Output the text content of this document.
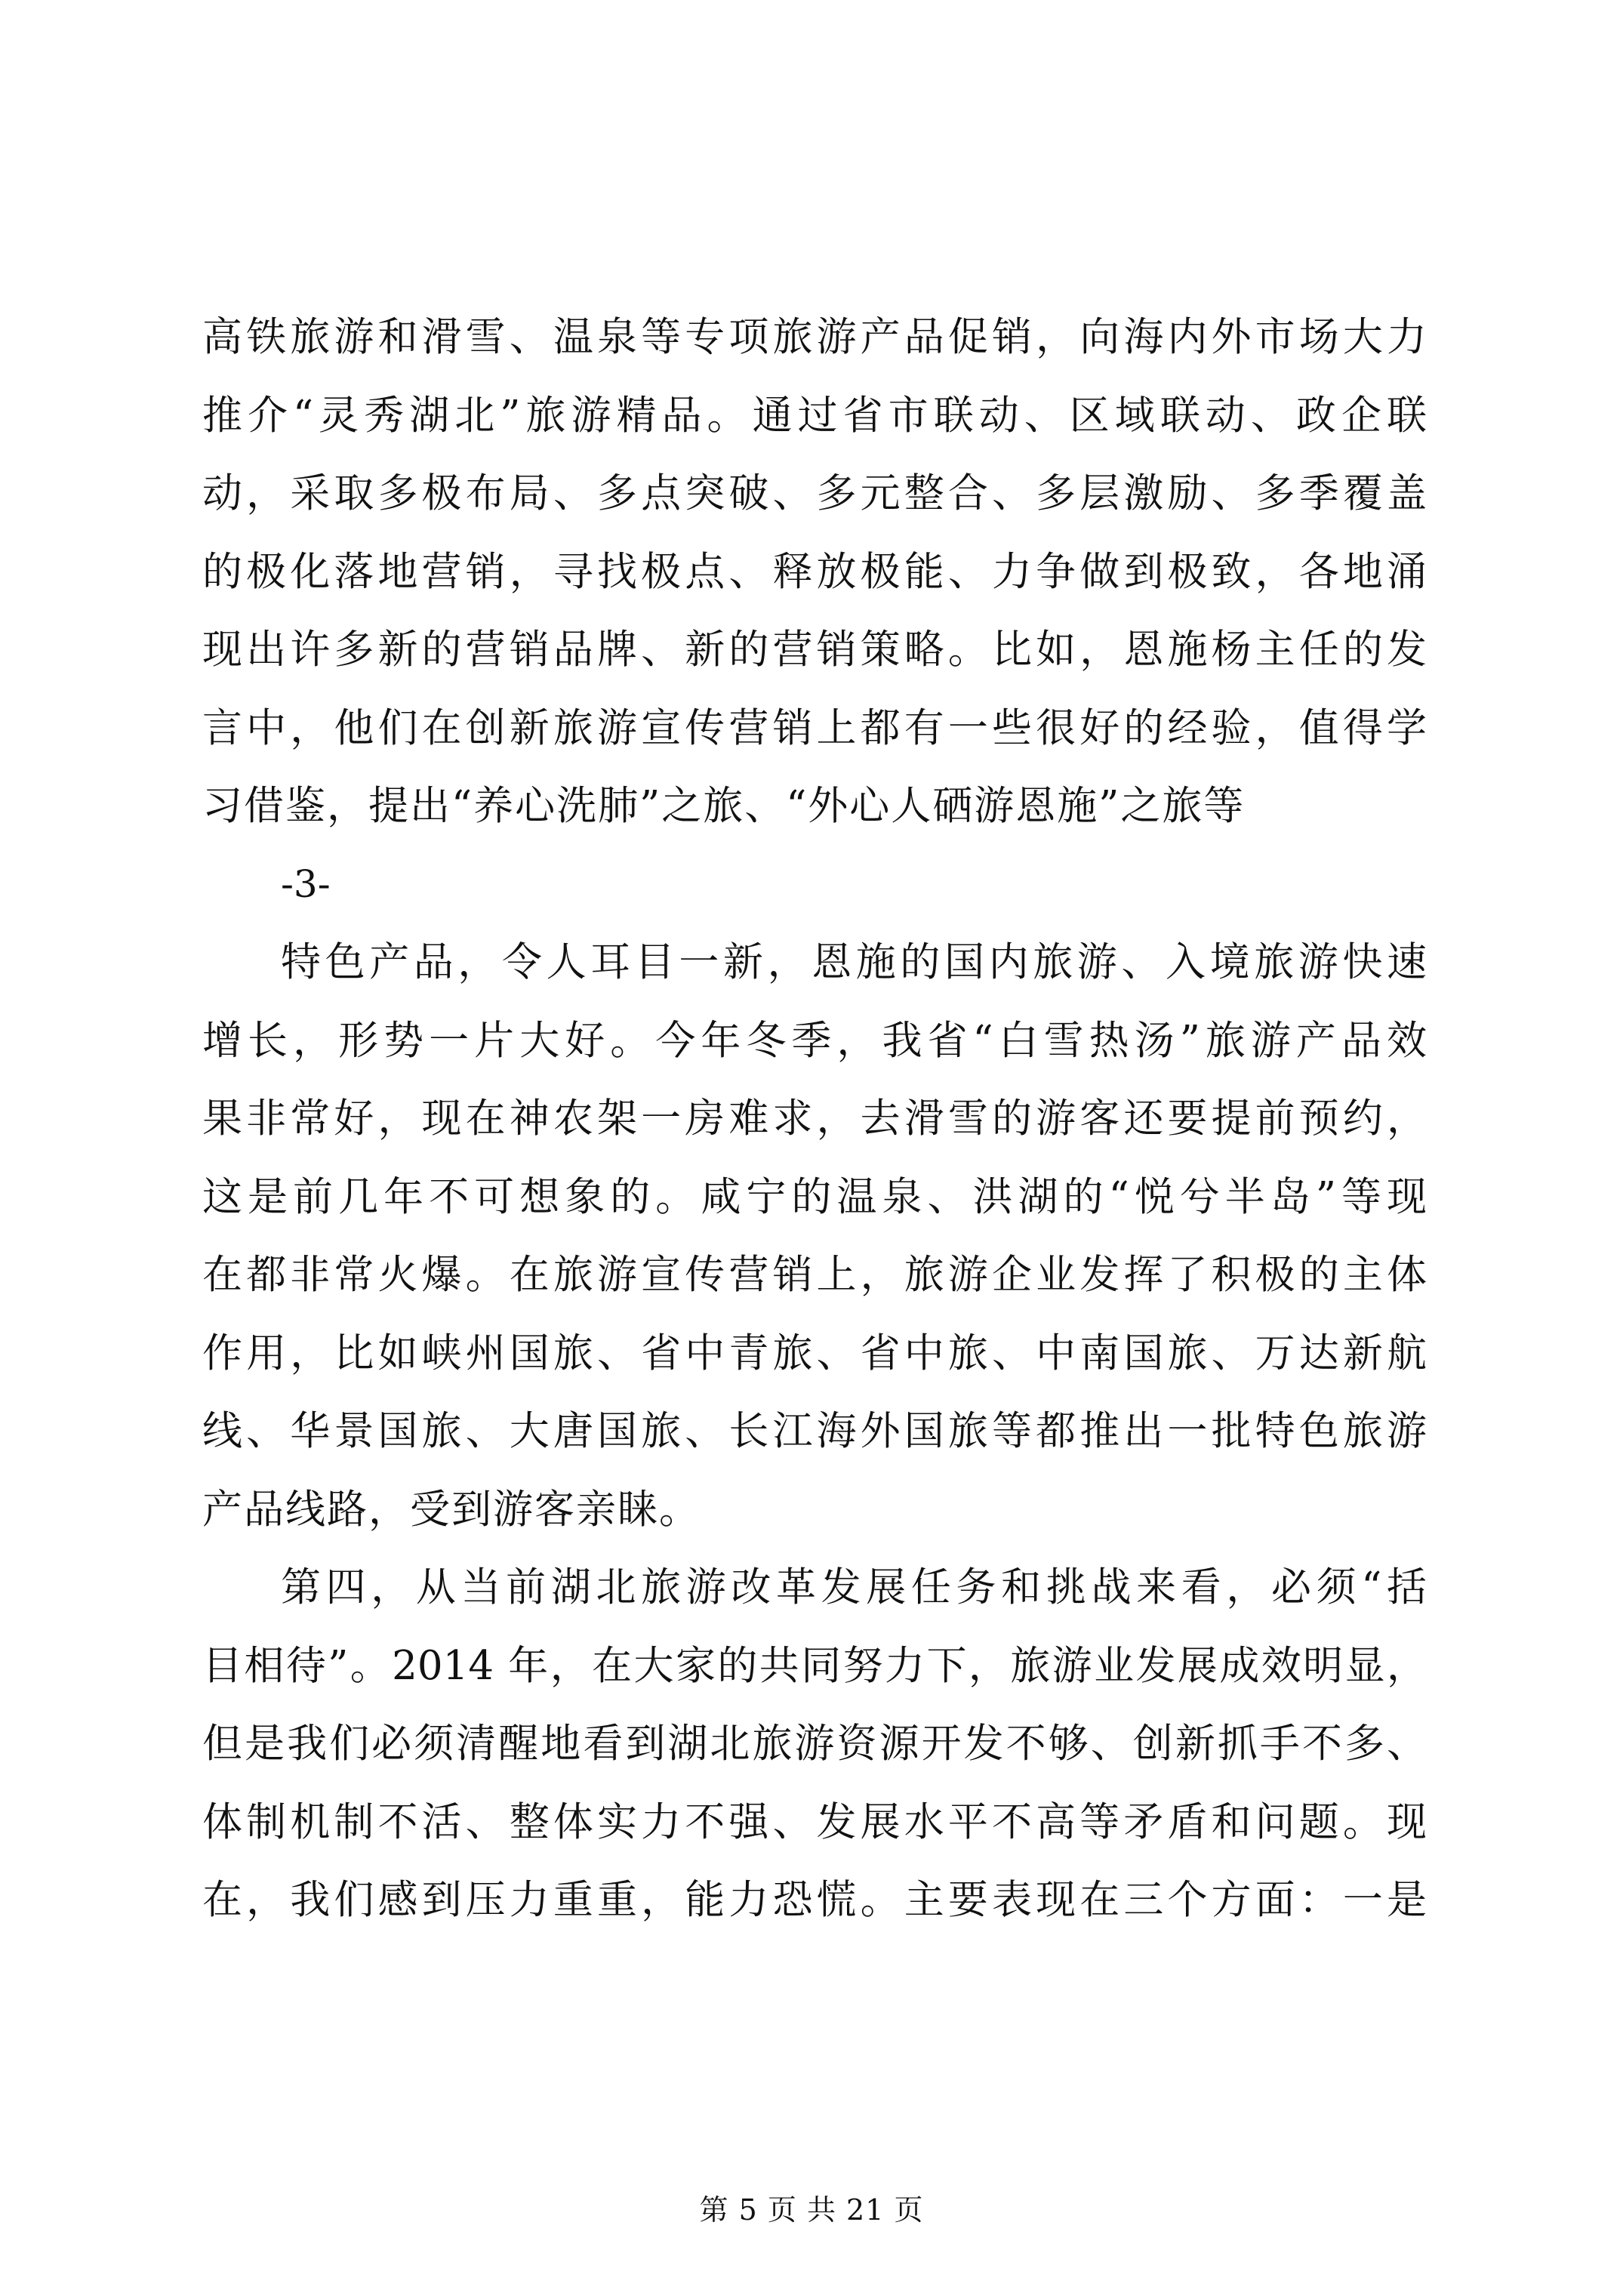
高铁旅游和滑雪、温泉等专项旅游产品促销，向海内外市场大力

推介“灵秀湖北”旅游精品。通过省市联动、区域联动、政企联

动，采取多极布局、多点突破、多元整合、多层激励、多季覆盖

的极化落地营销，寻找极点、释放极能、力争做到极致，各地涌

现出许多新的营销品牌、新的营销策略。比如，恩施杨主任的发

言中，他们在创新旅游宣传营销上都有一些很好的经验，值得学

习借鉴，提出“养心洗肺”之旅、“外心人硒游恩施”之旅等

-3-

特色产品，令人耳目一新，恩施的国内旅游、入境旅游快速

增长，形势一片大好。今年冬季，我省“白雪热汤”旅游产品效

果非常好，现在神农架一房难求，去滑雪的游客还要提前预约，

这是前几年不可想象的。咸宁的温泉、洪湖的“悦兮半岛”等现

在都非常火爆。在旅游宣传营销上，旅游企业发挥了积极的主体

作用，比如峡州国旅、省中青旅、省中旅、中南国旅、万达新航

线、华景国旅、大唐国旅、长江海外国旅等都推出一批特色旅游

产品线路，受到游客亲睐。

第四，从当前湖北旅游改革发展任务和挑战来看，必须“括

目相待”。2014 年，在大家的共同努力下，旅游业发展成效明显，

但是我们必须清醒地看到湖北旅游资源开发不够、创新抓手不多、

体制机制不活、整体实力不强、发展水平不高等矛盾和问题。现

在，我们感到压力重重，能力恐慌。主要表现在三个方面：一是

第 5 页 共 21 页
